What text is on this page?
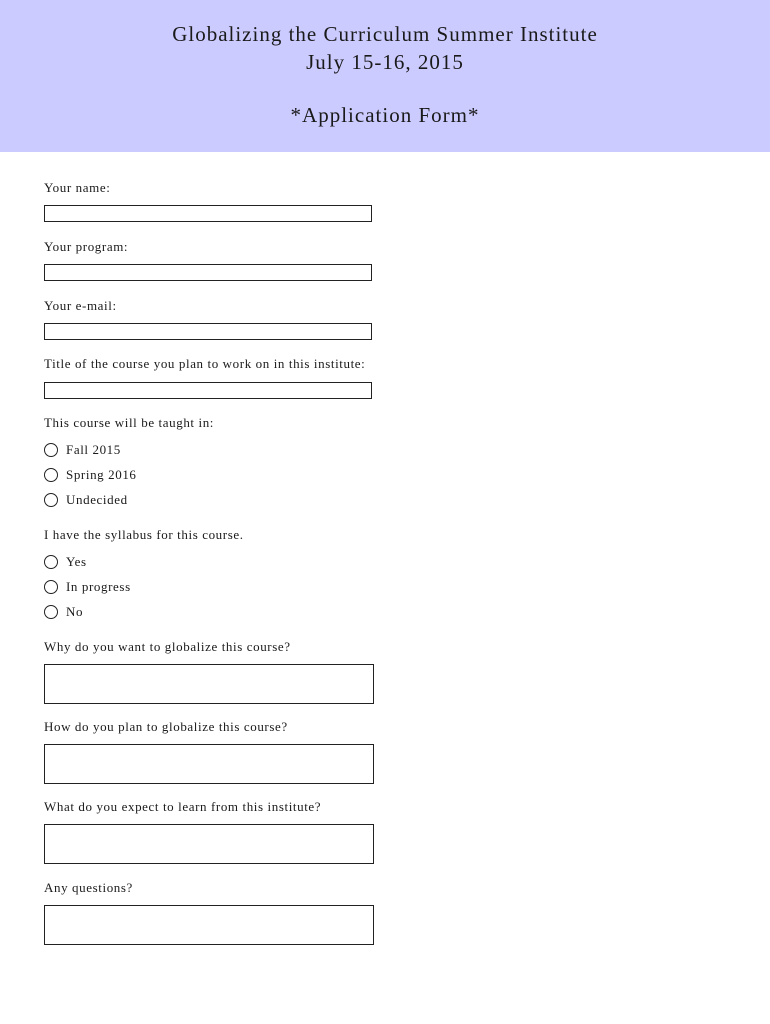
Globalizing the Curriculum Summer Institute
July 15-16, 2015
*Application Form*
Your name:
Your program:
Your e-mail:
Title of the course you plan to work on in this institute:
This course will be taught in:
Fall 2015
Spring 2016
Undecided
I have the syllabus for this course.
Yes
In progress
No
Why do you want to globalize this course?
How do you plan to globalize this course?
What do you expect to learn from this institute?
Any questions?
